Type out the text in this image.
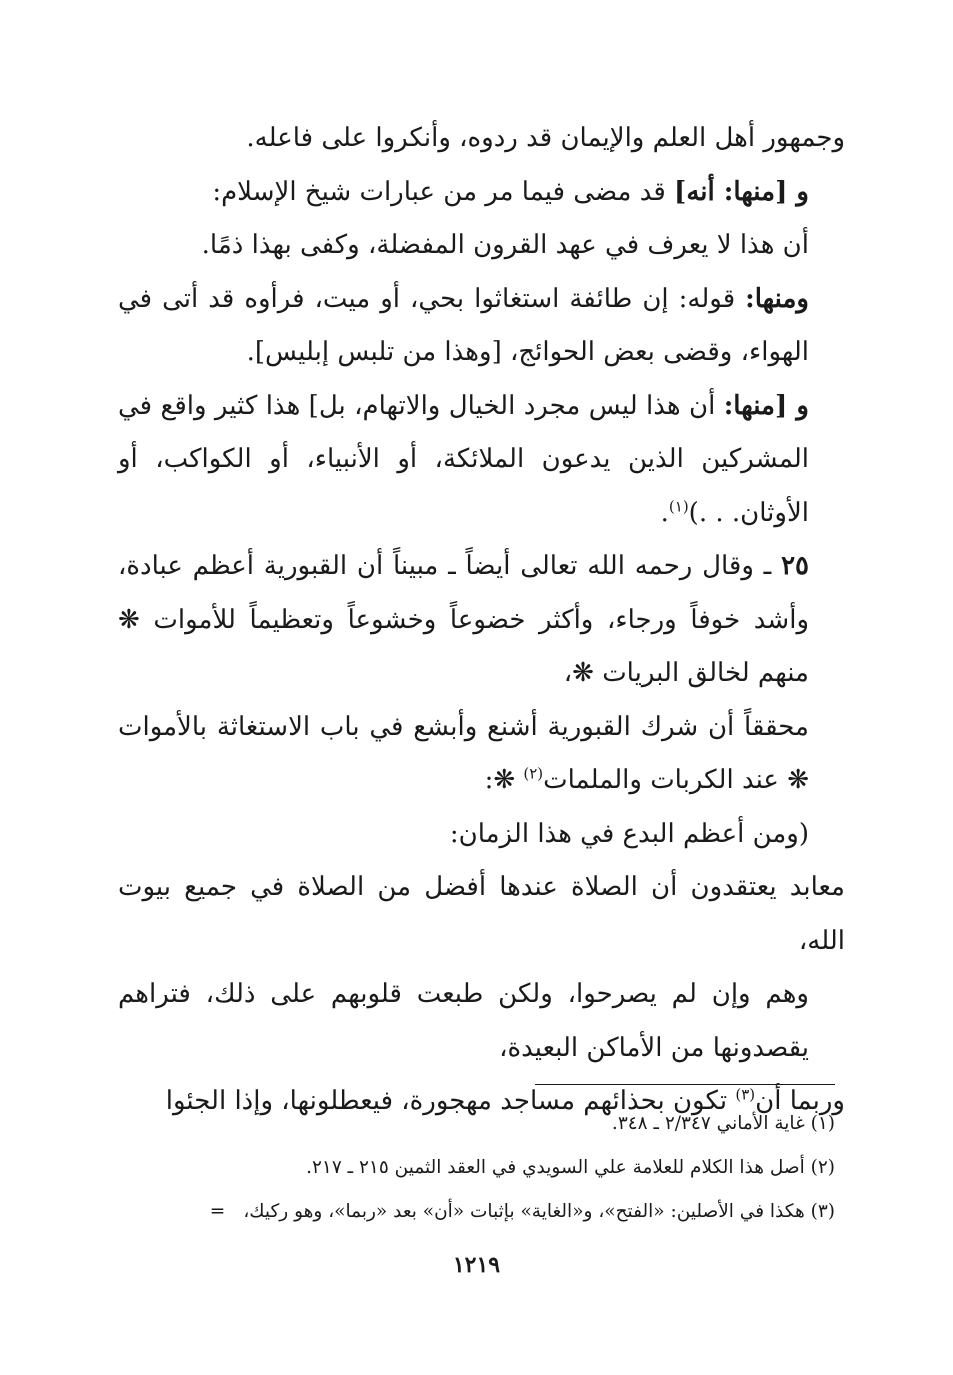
وجمهور أهل العلم والإيمان قد ردوه، وأنكروا على فاعله.

و [منها: أنه] قد مضى فيما مر من عبارات شيخ الإسلام:

أن هذا لا يعرف في عهد القرون المفضلة، وكفى بهذا ذمًا.

ومنها: قوله: إن طائفة استغاثوا بحي، أو ميت، فرأوه قد أتى في الهواء، وقضى بعض الحوائج، [وهذا من تلبس إبليس].

و [منها: أن هذا ليس مجرد الخيال والاتهام، بل] هذا كثير واقع في المشركين الذين يدعون الملائكة، أو الأنبياء، أو الكواكب، أو الأوثان. . .)$^{(١)}$.

٢٥ ـ وقال رحمه الله تعالى أيضاً ـ مبيناً أن القبورية أعظم عبادة، وأشد خوفاً ورجاء، وأكثر خضوعاً وخشوعاً وتعظيماً للأموات ❋ منهم لخالق البريات ❋،

محققاً أن شرك القبورية أشنع وأبشع في باب الاستغاثة بالأموات ❋ عند الكربات والملمات$^{(٢)}$ ❋:

(ومن أعظم البدع في هذا الزمان:

معابد يعتقدون أن الصلاة عندها أفضل من الصلاة في جميع بيوت الله،

وهم وإن لم يصرحوا، ولكن طبعت قلوبهم على ذلك، فتراهم يقصدونها من الأماكن البعيدة،

وربما أن$^{(٣)}$ تكون بحذائهم مساجد مهجورة، فيعطلونها، وإذا الجئوا

(١) غاية الأماني ٢/٣٤٧ ـ ٣٤٨.

(٢) أصل هذا الكلام للعلامة علي السويدي في العقد الثمين ٢١٥ ـ ٢١٧.

(٣) هكذا في الأصلين: «الفتح»، و«الغاية» بإثبات «أن» بعد «ربما»، وهو ركيك،=

١٢١٩
